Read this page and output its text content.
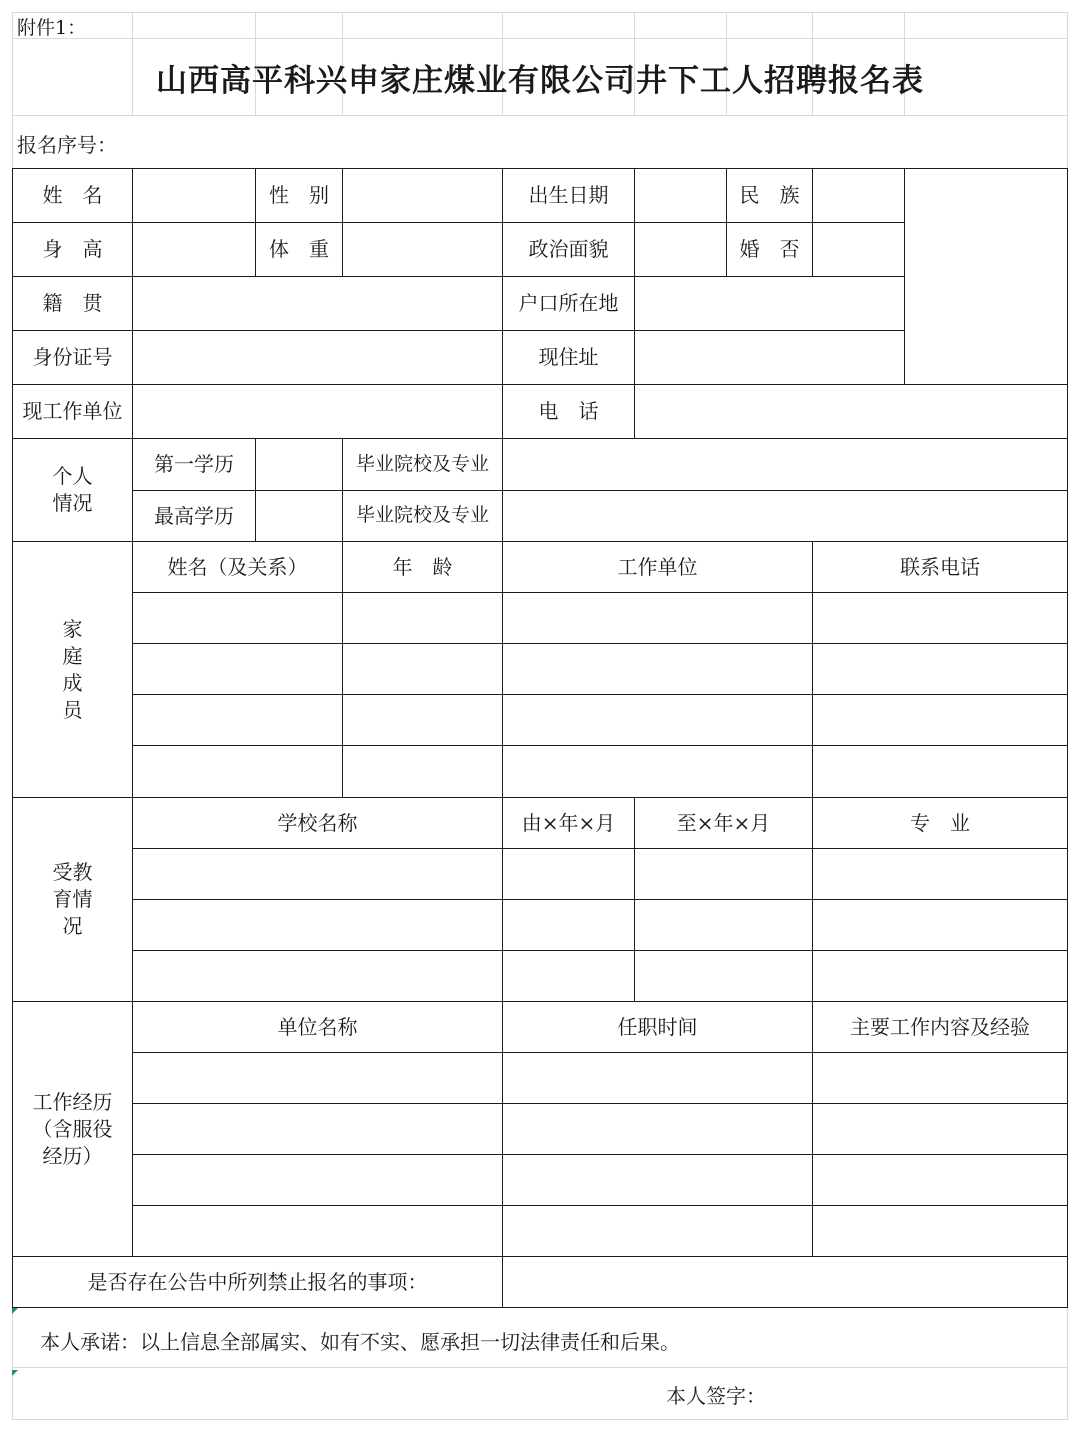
附件1：
山西高平科兴申家庄煤业有限公司井下工人招聘报名表
报名序号：
姓　名	性　别	出生日期	民　族
身　高	体　重	政治面貌	婚　否
籍　贯	户口所在地
身份证号	现住址
现工作单位	电　话
个人情况
第一学历	毕业院校及专业
最高学历	毕业院校及专业
家庭成员
姓名（及关系）	年　龄	工作单位	联系电话
受教育情况
学校名称	由×年×月	至×年×月	专　业
工作经历（含服役经历）
单位名称	任职时间	主要工作内容及经验
是否存在公告中所列禁止报名的事项：
本人承诺：以上信息全部属实、如有不实、愿承担一切法律责任和后果。
本人签字：
